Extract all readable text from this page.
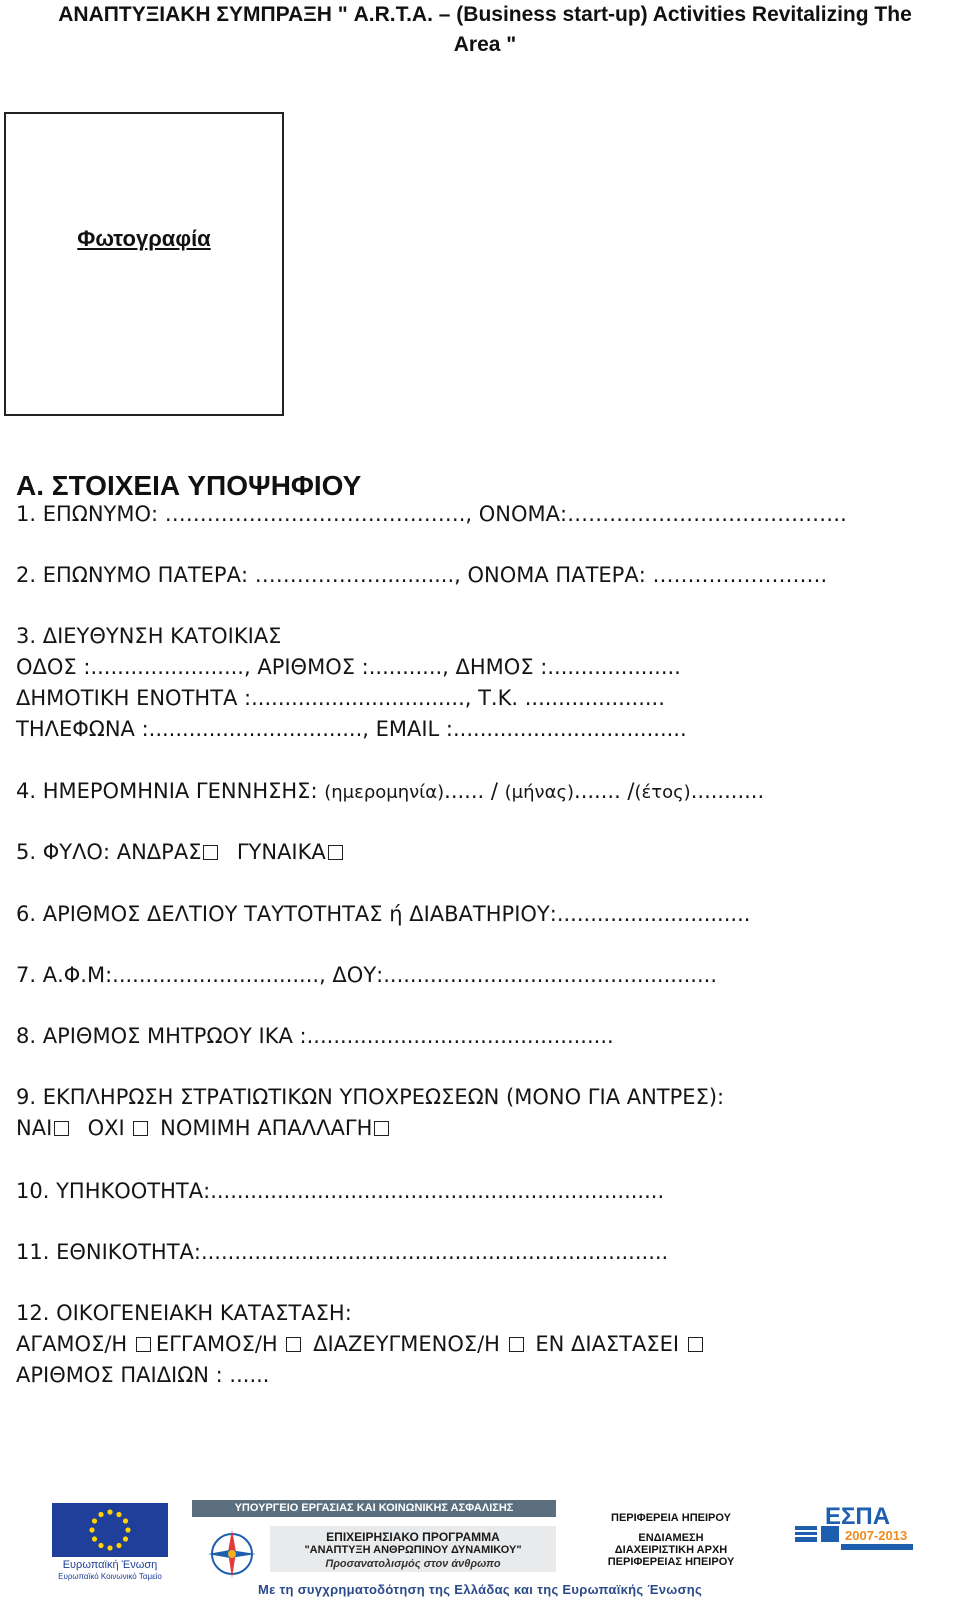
ΑΝΑΠΤΥΞΙΑΚΗ ΣΥΜΠΡΑΞΗ " A.R.T.A. – (Business start-up) Activities Revitalizing The
Area "
Φωτογραφία
Α. ΣΤΟΙΧΕΙΑ ΥΠΟΨΗΦΙΟΥ
1. ΕΠΩΝΥΜΟ: ……………………………………., ΟΝΟΜΑ:………………………………….
2. ΕΠΩΝΥΜΟ ΠΑΤΕΡΑ: ………………..........., ΟΝΟΜΑ ΠΑΤΕΡΑ: …………………….
3. ΔΙΕΥΘΥΝΣΗ ΚΑΤΟΙΚΙΑΣ
ΟΔΟΣ :......................., ΑΡΙΘΜΟΣ :..........., ΔΗΜΟΣ :....................
ΔΗΜΟΤΙΚΗ ΕΝΟΤΗΤΑ :................................, Τ.Κ. .....................
ΤΗΛΕΦΩΝΑ :................................, EMAIL :...................................
4. ΗΜΕΡΟΜΗΝΙΑ ΓΕΝΝΗΣΗΣ: (ημερομηνία)...... / (μήνας)....... /(έτος)...........
5. ΦΥΛΟ: ΑΝΔΡΑΣ ΓΥΝΑΙΚΑ
6. ΑΡΙΘΜΟΣ ΔΕΛΤΙΟΥ ΤΑΥΤΟΤΗΤΑΣ ή ΔΙΑΒΑΤΗΡΙΟΥ:.............................
7. Α.Φ.Μ:..............................., ΔΟΥ:..................................................
8. ΑΡΙΘΜΟΣ ΜΗΤΡΩΟΥ ΙΚΑ :..............................................
9. ΕΚΠΛΗΡΩΣΗ ΣΤΡΑΤΙΩΤΙΚΩΝ ΥΠΟΧΡΕΩΣΕΩΝ (ΜΟΝΟ ΓΙΑ ΑΝΤΡΕΣ):
ΝΑΙ ΟΧΙ ΝΟΜΙΜΗ ΑΠΑΛΛΑΓΗ
10. ΥΠΗΚΟΟΤΗΤΑ:....................................................................
11. ΕΘΝΙΚΟΤΗΤΑ:......................................................................
12. ΟΙΚΟΓΕΝΕΙΑΚΗ ΚΑΤΑΣΤΑΣΗ:
ΑΓΑΜΟΣ/Η ΕΓΓΑΜΟΣ/Η ΔΙΑΖΕΥΓΜΕΝΟΣ/Η ΕΝ ΔΙΑΣΤΑΣΕΙ
ΑΡΙΘΜΟΣ ΠΑΙΔΙΩΝ : ......
Ευρωπαϊκή Ένωση
Ευρωπαϊκό Κοινωνικό Ταμείο
ΥΠΟΥΡΓΕΙΟ ΕΡΓΑΣΙΑΣ ΚΑΙ ΚΟΙΝΩΝΙΚΗΣ ΑΣΦΑΛΙΣΗΣ
ΕΠΙΧΕΙΡΗΣΙΑΚΟ ΠΡΟΓΡΑΜΜΑ
"ΑΝΑΠΤΥΞΗ ΑΝΘΡΩΠΙΝΟΥ ΔΥΝΑΜΙΚΟΥ"
Προσανατολισμός στον άνθρωπο
ΠΕΡΙΦΕΡΕΙΑ ΗΠΕΙΡΟΥ
ΕΝΔΙΑΜΕΣΗ
ΔΙΑΧΕΙΡΙΣΤΙΚΗ ΑΡΧΗ
ΠΕΡΙΦΕΡΕΙΑΣ ΗΠΕΙΡΟΥ
ΕΣΠΑ
2007-2013
Με τη συγχρηματοδότηση της Ελλάδας και της Ευρωπαϊκής Ένωσης
